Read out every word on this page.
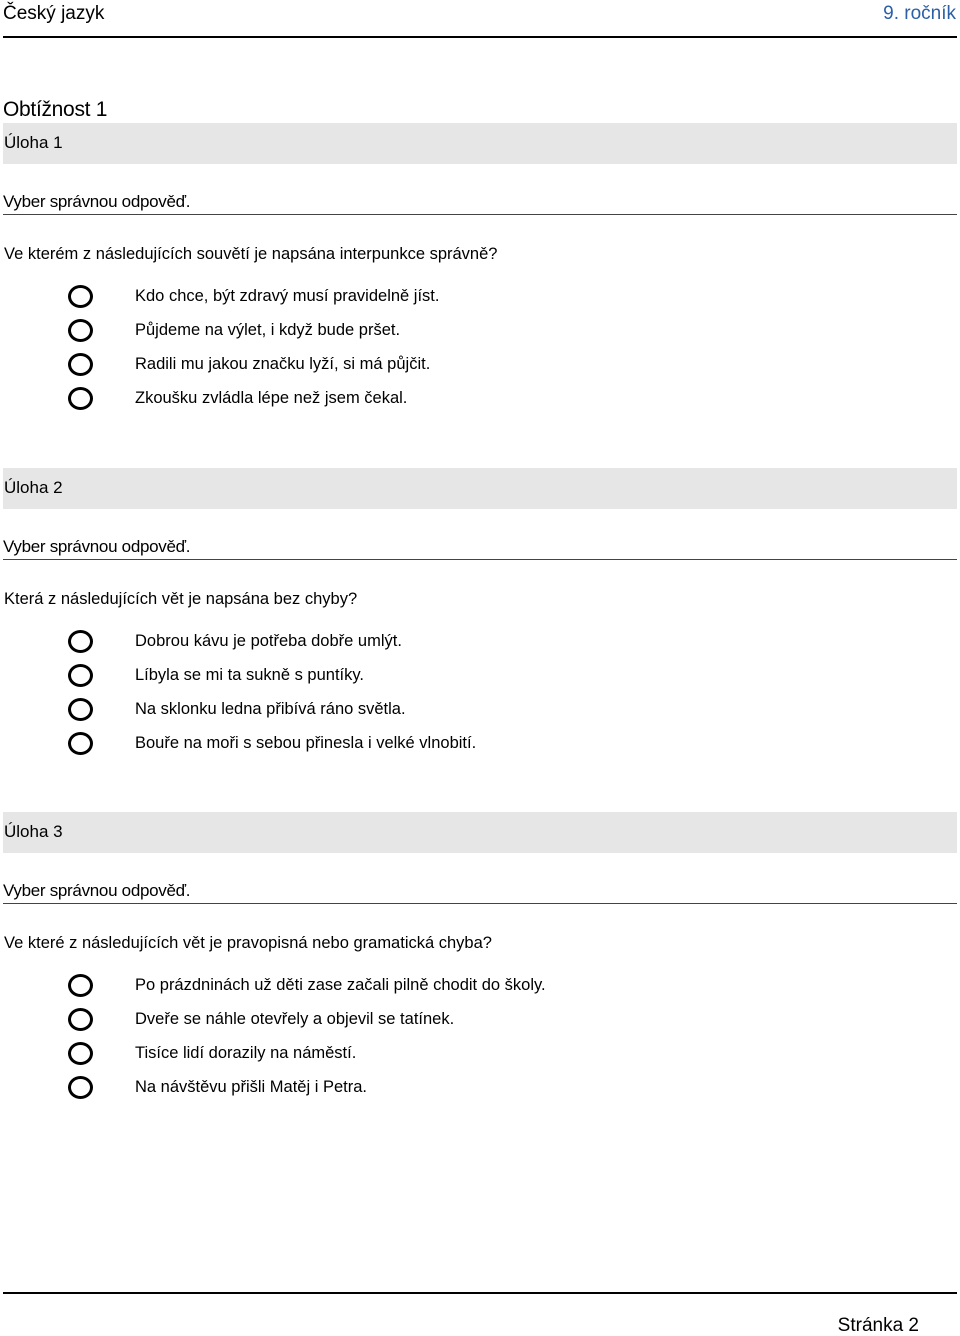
Český jazyk	9. ročník
Obtížnost 1
Úloha 1
Vyber správnou odpověď.
Ve kterém z následujících souvětí je napsána interpunkce správně?
Kdo chce, být zdravý musí pravidelně jíst.
Půjdeme na výlet, i když bude pršet.
Radili mu jakou značku lyží, si má půjčit.
Zkoušku zvládla lépe než jsem čekal.
Úloha 2
Vyber správnou odpověď.
Která z následujících vět je napsána bez chyby?
Dobrou kávu je potřeba dobře umlýt.
Líbyla se mi ta sukně s puntíky.
Na sklonku ledna přibívá ráno světla.
Bouře na moři s sebou přinesla i velké vlnobití.
Úloha 3
Vyber správnou odpověď.
Ve které z následujících vět je pravopisná nebo gramatická chyba?
Po prázdninách už děti zase začali pilně chodit do školy.
Dveře se náhle otevřely a objevil se tatínek.
Tisíce lidí dorazily na náměstí.
Na návštěvu přišli Matěj i Petra.
Stránka 2
